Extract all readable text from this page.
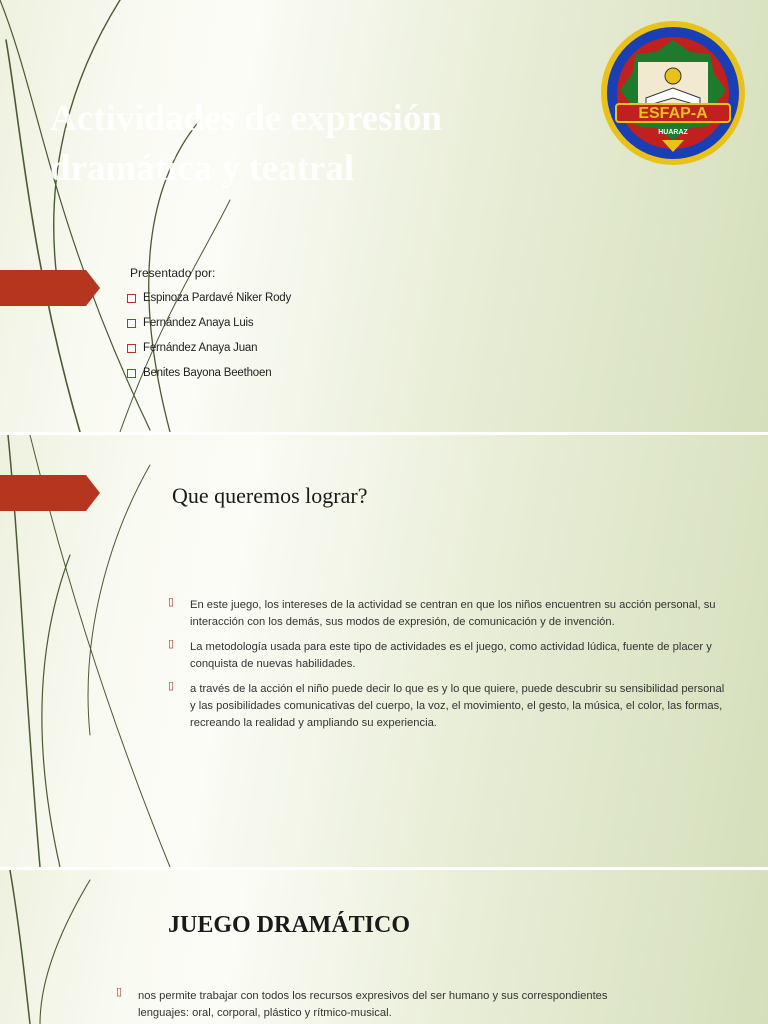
Actividades de expresión dramática y teatral
ESFAP-A
HUARAZ
Presentado por:
Espinoza Pardavé Niker Rody
Fernández Anaya Luis
Fernández Anaya Juan
Benites Bayona Beethoen
Que queremos lograr?
▯ En este juego, los intereses de la actividad se centran en que los niños encuentren su acción personal, su interacción con los demás, sus modos de expresión, de comunicación y de invención.
▯ La metodología usada para este tipo de actividades es el juego, como actividad lúdica, fuente de placer y conquista de nuevas habilidades.
▯ a través de la acción el niño puede decir lo que es y lo que quiere, puede descubrir su sensibilidad personal y las posibilidades comunicativas del cuerpo, la voz, el movimiento, el gesto, la música, el color, las formas, recreando la realidad y ampliando su experiencia.
JUEGO DRAMÁTICO
▯ nos permite trabajar con todos los recursos expresivos del ser humano y sus correspondientes lenguajes: oral, corporal, plástico y rítmico-musical.
